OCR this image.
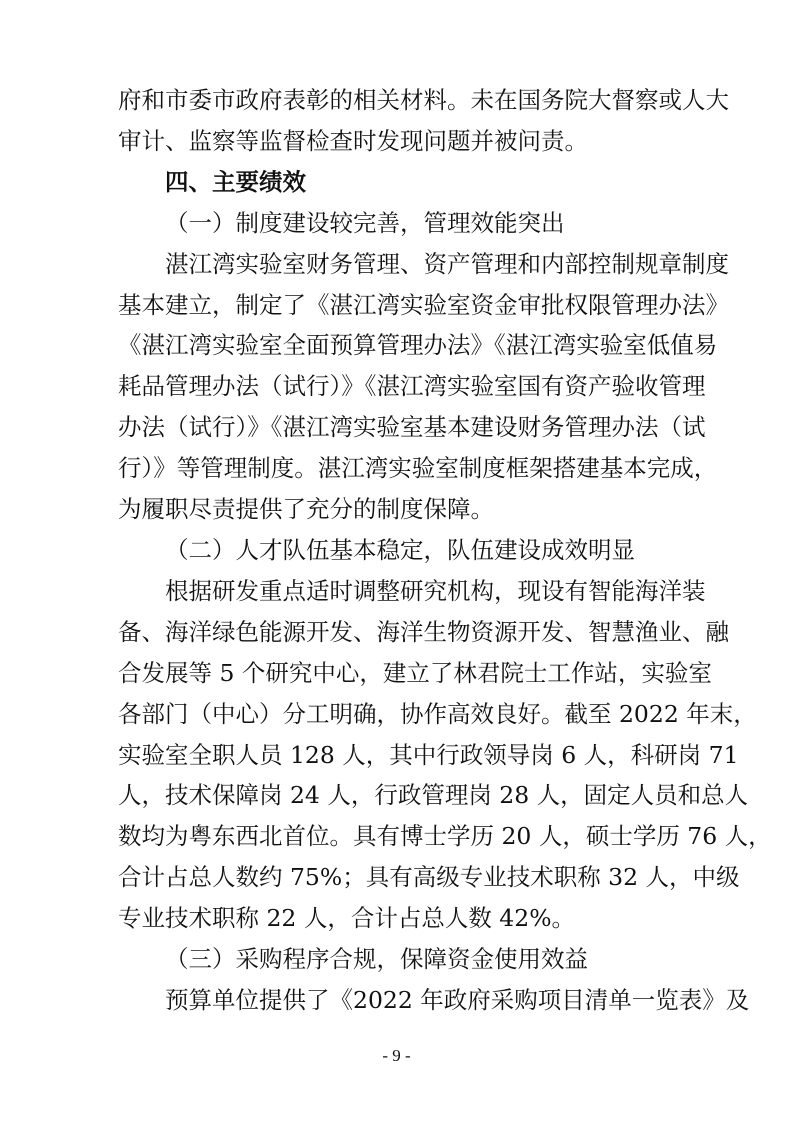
府和市委市政府表彰的相关材料。未在国务院大督察或人大
审计、监察等监督检查时发现问题并被问责。
四、主要绩效
（一）制度建设较完善，管理效能突出
湛江湾实验室财务管理、资产管理和内部控制规章制度
基本建立，制定了《湛江湾实验室资金审批权限管理办法》
《湛江湾实验室全面预算管理办法》《湛江湾实验室低值易
耗品管理办法（试行）》《湛江湾实验室国有资产验收管理
办法（试行）》《湛江湾实验室基本建设财务管理办法（试
行）》等管理制度。湛江湾实验室制度框架搭建基本完成，
为履职尽责提供了充分的制度保障。
（二）人才队伍基本稳定，队伍建设成效明显
根据研发重点适时调整研究机构，现设有智能海洋装
备、海洋绿色能源开发、海洋生物资源开发、智慧渔业、融
合发展等 5 个研究中心，建立了林君院士工作站，实验室
各部门（中心）分工明确，协作高效良好。截至 2022 年末，
实验室全职人员 128 人，其中行政领导岗 6 人，科研岗 71
人，技术保障岗 24 人，行政管理岗 28 人，固定人员和总人
数均为粤东西北首位。具有博士学历 20 人，硕士学历 76 人，
合计占总人数约 75%；具有高级专业技术职称 32 人，中级
专业技术职称 22 人，合计占总人数 42%。
（三）采购程序合规，保障资金使用效益
预算单位提供了《2022 年政府采购项目清单一览表》及
- 9 -
